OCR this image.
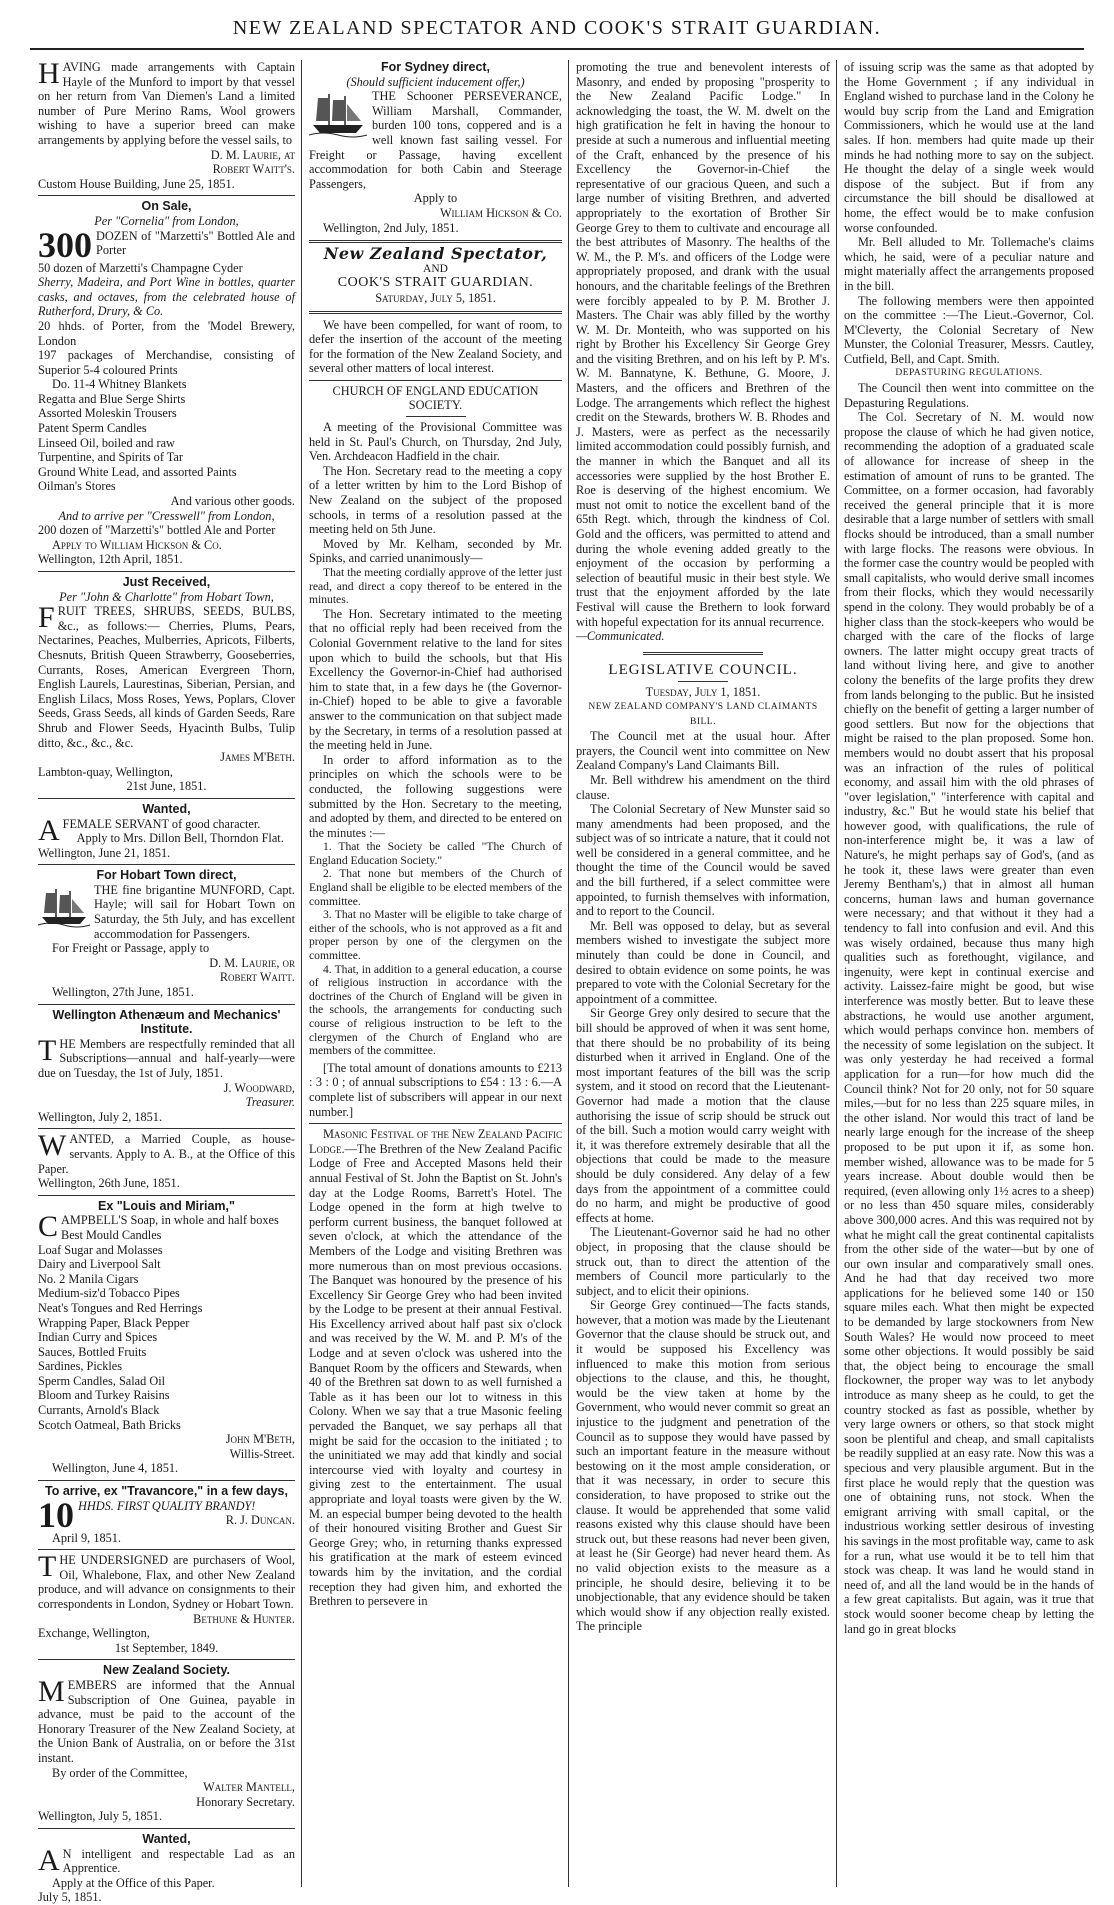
NEW ZEALAND SPECTATOR AND COOK'S STRAIT GUARDIAN.

HAVING made arrangements with Captain Hayle of the Munford to import by that vessel on her return from Van Diemen's Land a limited number of Pure Merino Rams, Wool growers wishing to have a superior breed can make arrangements by applying before the vessel sails, to

D. M. Laurie, at

Robert Waitt's.

Custom House Building, June 25, 1851.

On Sale,

Per "Cornelia" from London,

300 DOZEN of "Marzetti's" Bottled Ale and Porter

50 dozen of Marzetti's Champagne Cyder

Sherry, Madeira, and Port Wine in bottles, quarter casks, and octaves, from the celebrated house of Rutherford, Drury, & Co.

20 hhds. of Porter, from the 'Model Brewery, London

197 packages of Merchandise, consisting of Superior 5-4 coloured Prints

Do. 11-4 Whitney Blankets

Regatta and Blue Serge Shirts

Assorted Moleskin Trousers

Patent Sperm Candles

Linseed Oil, boiled and raw

Turpentine, and Spirits of Tar

Ground White Lead, and assorted Paints

Oilman's Stores

And various other goods.

And to arrive per "Cresswell" from London,

200 dozen of "Marzetti's" bottled Ale and Porter

Apply to William Hickson & Co.

Wellington, 12th April, 1851.

Just Received,

Per "John & Charlotte" from Hobart Town,

FRUIT TREES, SHRUBS, SEEDS, BULBS, &c., as follows:— Cherries, Plums, Pears, Nectarines, Peaches, Mulberries, Apricots, Filberts, Chesnuts, British Queen Strawberry, Gooseberries, Currants, Roses, American Evergreen Thorn, English Laurels, Laurestinas, Siberian, Persian, and English Lilacs, Moss Roses, Yews, Poplars, Clover Seeds, Grass Seeds, all kinds of Garden Seeds, Rare Shrub and Flower Seeds, Hyacinth Bulbs, Tulip ditto, &c., &c., &c.

James M'Beth.

Lambton-quay, Wellington,

21st June, 1851.

Wanted,

AFEMALE SERVANT of good character.

Apply to Mrs. Dillon Bell, Thorndon Flat.

Wellington, June 21, 1851.

For Hobart Town direct,

THE fine brigantine MUNFORD, Capt. Hayle; will sail for Hobart Town on Saturday, the 5th July, and has excellent accommodation for Passengers.

For Freight or Passage, apply to

D. M. Laurie, or

Robert Waitt.

Wellington, 27th June, 1851.

Wellington Athenæum and Mechanics' Institute.

THE Members are respectfully reminded that all Subscriptions—annual and half-yearly—were due on Tuesday, the 1st of July, 1851.

J. Woodward,

Treasurer.

Wellington, July 2, 1851.

WANTED, a Married Couple, as house-servants. Apply to A. B., at the Office of this Paper.

Wellington, 26th June, 1851.

Ex "Louis and Miriam,"

CAMPBELL'S Soap, in whole and half boxes

Best Mould Candles

Loaf Sugar and Molasses

Dairy and Liverpool Salt

No. 2 Manila Cigars

Medium-siz'd Tobacco Pipes

Neat's Tongues and Red Herrings

Wrapping Paper, Black Pepper

Indian Curry and Spices

Sauces, Bottled Fruits

Sardines, Pickles

Sperm Candles, Salad Oil

Bloom and Turkey Raisins

Currants, Arnold's Black

Scotch Oatmeal, Bath Bricks

John M'Beth,

Willis-Street.

Wellington, June 4, 1851.

To arrive, ex "Travancore," in a few days,

10 HHDS. FIRST QUALITY BRANDY!

R. J. Duncan.

April 9, 1851.

THE UNDERSIGNED are purchasers of Wool, Oil, Whalebone, Flax, and other New Zealand produce, and will advance on consignments to their correspondents in London, Sydney or Hobart Town.

Bethune & Hunter.

Exchange, Wellington,

1st September, 1849.

New Zealand Society.

MEMBERS are informed that the Annual Subscription of One Guinea, payable in advance, must be paid to the account of the Honorary Treasurer of the New Zealand Society, at the Union Bank of Australia, on or before the 31st instant.

By order of the Committee,

Walter Mantell,

Honorary Secretary.

Wellington, July 5, 1851.

Wanted,

A N intelligent and respectable Lad as an Apprentice.

Apply at the Office of this Paper.

July 5, 1851.

For Sydney direct,

(Should sufficient inducement offer,)

THE Schooner PERSEVERANCE, William Marshall, Commander, burden 100 tons, coppered and is a well known fast sailing vessel. For Freight or Passage, having excellent accommodation for both Cabin and Steerage Passengers,

Apply to

William Hickson & Co.

Wellington, 2nd July, 1851.

New Zealand Spectator,

AND

COOK'S STRAIT GUARDIAN.

Saturday, July 5, 1851.

We have been compelled, for want of room, to defer the insertion of the account of the meeting for the formation of the New Zealand Society, and several other matters of local interest.

CHURCH OF ENGLAND EDUCATION SOCIETY.

A meeting of the Provisional Committee was held in St. Paul's Church, on Thursday, 2nd July, Ven. Archdeacon Hadfield in the chair.

The Hon. Secretary read to the meeting a copy of a letter written by him to the Lord Bishop of New Zealand on the subject of the proposed schools, in terms of a resolution passed at the meeting held on 5th June.

Moved by Mr. Kelham, seconded by Mr. Spinks, and carried unanimously—

That the meeting cordially approve of the letter just read, and direct a copy thereof to be entered in the minutes.

The Hon. Secretary intimated to the meeting that no official reply had been received from the Colonial Government relative to the land for sites upon which to build the schools, but that His Excellency the Governor-in-Chief had authorised him to state that, in a few days he (the Governor-in-Chief) hoped to be able to give a favorable answer to the communication on that subject made by the Secretary, in terms of a resolution passed at the meeting held in June.

In order to afford information as to the principles on which the schools were to be conducted, the following suggestions were submitted by the Hon. Secretary to the meeting, and adopted by them, and directed to be entered on the minutes :—

1. That the Society be called "The Church of England Education Society."

2. That none but members of the Church of England shall be eligible to be elected members of the committee.

3. That no Master will be eligible to take charge of either of the schools, who is not approved as a fit and proper person by one of the clergymen on the committee.

4. That, in addition to a general education, a course of religious instruction in accordance with the doctrines of the Church of England will be given in the schools, the arrangements for conducting such course of religious instruction to be left to the clergymen of the Church of England who are members of the committee.

[The total amount of donations amounts to £213 : 3 : 0 ; of annual subscriptions to £54 : 13 : 6.—A complete list of subscribers will appear in our next number.]

Masonic Festival of the New Zealand Pacific Lodge.—The Brethren of the New Zealand Pacific Lodge of Free and Accepted Masons held their annual Festival of St. John the Baptist on St. John's day at the Lodge Rooms, Barrett's Hotel. The Lodge opened in the form at high twelve to perform current business, the banquet followed at seven o'clock, at which the attendance of the Members of the Lodge and visiting Brethren was more numerous than on most previous occasions. The Banquet was honoured by the presence of his Excellency Sir George Grey who had been invited by the Lodge to be present at their annual Festival. His Excellency arrived about half past six o'clock and was received by the W. M. and P. M's of the Lodge and at seven o'clock was ushered into the Banquet Room by the officers and Stewards, when 40 of the Brethren sat down to as well furnished a Table as it has been our lot to witness in this Colony. When we say that a true Masonic feeling pervaded the Banquet, we say perhaps all that might be said for the occasion to the initiated ; to the uninitiated we may add that kindly and social intercourse vied with loyalty and courtesy in giving zest to the entertainment. The usual appropriate and loyal toasts were given by the W. M. an especial bumper being devoted to the health of their honoured visiting Brother and Guest Sir George Grey; who, in returning thanks expressed his gratification at the mark of esteem evinced towards him by the invitation, and the cordial reception they had given him, and exhorted the Brethren to persevere in

promoting the true and benevolent interests of Masonry, and ended by proposing "prosperity to the New Zealand Pacific Lodge." In acknowledging the toast, the W. M. dwelt on the high gratification he felt in having the honour to preside at such a numerous and influential meeting of the Craft, enhanced by the presence of his Excellency the Governor-in-Chief the representative of our gracious Queen, and such a large number of visiting Brethren, and adverted appropriately to the exortation of Brother Sir George Grey to them to cultivate and encourage all the best attributes of Masonry. The healths of the W. M., the P. M's. and officers of the Lodge were appropriately proposed, and drank with the usual honours, and the charitable feelings of the Brethren were forcibly appealed to by P. M. Brother J. Masters. The Chair was ably filled by the worthy W. M. Dr. Monteith, who was supported on his right by Brother his Excellency Sir George Grey and the visiting Brethren, and on his left by P. M's. W. M. Bannatyne, K. Bethune, G. Moore, J. Masters, and the officers and Brethren of the Lodge. The arrangements which reflect the highest credit on the Stewards, brothers W. B. Rhodes and J. Masters, were as perfect as the necessarily limited accommodation could possibly furnish, and the manner in which the Banquet and all its accessories were supplied by the host Brother E. Roe is deserving of the highest encomium. We must not omit to notice the excellent band of the 65th Regt. which, through the kindness of Col. Gold and the officers, was permitted to attend and during the whole evening added greatly to the enjoyment of the occasion by performing a selection of beautiful music in their best style. We trust that the enjoyment afforded by the late Festival will cause the Brethern to look forward with hopeful expectation for its annual recurrence.

—Communicated.

LEGISLATIVE COUNCIL.

Tuesday, July 1, 1851.

NEW ZEALAND COMPANY'S LAND CLAIMANTS BILL.

The Council met at the usual hour. After prayers, the Council went into committee on New Zealand Company's Land Claimants Bill.

Mr. Bell withdrew his amendment on the third clause.

The Colonial Secretary of New Munster said so many amendments had been proposed, and the subject was of so intricate a nature, that it could not well be considered in a general committee, and he thought the time of the Council would be saved and the bill furthered, if a select committee were appointed, to furnish themselves with information, and to report to the Council.

Mr. Bell was opposed to delay, but as several members wished to investigate the subject more minutely than could be done in Council, and desired to obtain evidence on some points, he was prepared to vote with the Colonial Secretary for the appointment of a committee.

Sir George Grey only desired to secure that the bill should be approved of when it was sent home, that there should be no probability of its being disturbed when it arrived in England. One of the most important features of the bill was the scrip system, and it stood on record that the Lieutenant-Governor had made a motion that the clause authorising the issue of scrip should be struck out of the bill. Such a motion would carry weight with it, it was therefore extremely desirable that all the objections that could be made to the measure should be duly considered. Any delay of a few days from the appointment of a committee could do no harm, and might be productive of good effects at home.

The Lieutenant-Governor said he had no other object, in proposing that the clause should be struck out, than to direct the attention of the members of Council more particularly to the subject, and to elicit their opinions.

Sir George Grey continued—The facts stands, however, that a motion was made by the Lieutenant Governor that the clause should be struck out, and it would be supposed his Excellency was influenced to make this motion from serious objections to the clause, and this, he thought, would be the view taken at home by the Government, who would never commit so great an injustice to the judgment and penetration of the Council as to suppose they would have passed by such an important feature in the measure without bestowing on it the most ample consideration, or that it was necessary, in order to secure this consideration, to have proposed to strike out the clause. It would be apprehended that some valid reasons existed why this clause should have been struck out, but these reasons had never been given, at least he (Sir George) had never heard them. As no valid objection exists to the measure as a principle, he should desire, believing it to be unobjectionable, that any evidence should be taken which would show if any objection really existed. The principle

of issuing scrip was the same as that adopted by the Home Government ; if any individual in England wished to purchase land in the Colony he would buy scrip from the Land and Emigration Commissioners, which he would use at the land sales. If hon. members had quite made up their minds he had nothing more to say on the subject. He thought the delay of a single week would dispose of the subject. But if from any circumstance the bill should be disallowed at home, the effect would be to make confusion worse confounded.

Mr. Bell alluded to Mr. Tollemache's claims which, he said, were of a peculiar nature and might materially affect the arrangements proposed in the bill.

The following members were then appointed on the committee :—The Lieut.-Governor, Col. M'Cleverty, the Colonial Secretary of New Munster, the Colonial Treasurer, Messrs. Cautley, Cutfield, Bell, and Capt. Smith.

DEPASTURING REGULATIONS.

The Council then went into committee on the Depasturing Regulations.

The Col. Secretary of N. M. would now propose the clause of which he had given notice, recommending the adoption of a graduated scale of allowance for increase of sheep in the estimation of amount of runs to be granted. The Committee, on a former occasion, had favorably received the general principle that it is more desirable that a large number of settlers with small flocks should be introduced, than a small number with large flocks. The reasons were obvious. In the former case the country would be peopled with small capitalists, who would derive small incomes from their flocks, which they would necessarily spend in the colony. They would probably be of a higher class than the stock-keepers who would be charged with the care of the flocks of large owners. The latter might occupy great tracts of land without living here, and give to another colony the benefits of the large profits they drew from lands belonging to the public. But he insisted chiefly on the benefit of getting a larger number of good settlers. But now for the objections that might be raised to the plan proposed. Some hon. members would no doubt assert that his proposal was an infraction of the rules of political economy, and assail him with the old phrases of "over legislation," "interference with capital and industry, &c." But he would state his belief that however good, with qualifications, the rule of non-interference might be, it was a law of Nature's, he might perhaps say of God's, (and as he took it, these laws were greater than even Jeremy Bentham's,) that in almost all human concerns, human laws and human governance were necessary; and that without it they had a tendency to fall into confusion and evil. And this was wisely ordained, because thus many high qualities such as forethought, vigilance, and ingenuity, were kept in continual exercise and activity. Laissez-faire might be good, but wise interference was mostly better. But to leave these abstractions, he would use another argument, which would perhaps convince hon. members of the necessity of some legislation on the subject. It was only yesterday he had received a formal application for a run—for how much did the Council think? Not for 20 only, not for 50 square miles,—but for no less than 225 square miles, in the other island. Nor would this tract of land be nearly large enough for the increase of the sheep proposed to be put upon it if, as some hon. member wished, allowance was to be made for 5 years increase. About double would then be required, (even allowing only 1½ acres to a sheep) or no less than 450 square miles, considerably above 300,000 acres. And this was required not by what he might call the great continental capitalists from the other side of the water—but by one of our own insular and comparatively small ones. And he had that day received two more applications for he believed some 140 or 150 square miles each. What then might be expected to be demanded by large stockowners from New South Wales? He would now proceed to meet some other objections. It would possibly be said that, the object being to encourage the small flockowner, the proper way was to let anybody introduce as many sheep as he could, to get the country stocked as fast as possible, whether by very large owners or others, so that stock might soon be plentiful and cheap, and small capitalists be readily supplied at an easy rate. Now this was a specious and very plausible argument. But in the first place he would reply that the question was one of obtaining runs, not stock. When the emigrant arriving with small capital, or the industrious working settler desirous of investing his savings in the most profitable way, came to ask for a run, what use would it be to tell him that stock was cheap. It was land he would stand in need of, and all the land would be in the hands of a few great capitalists. But again, was it true that stock would sooner become cheap by letting the land go in great blocks
